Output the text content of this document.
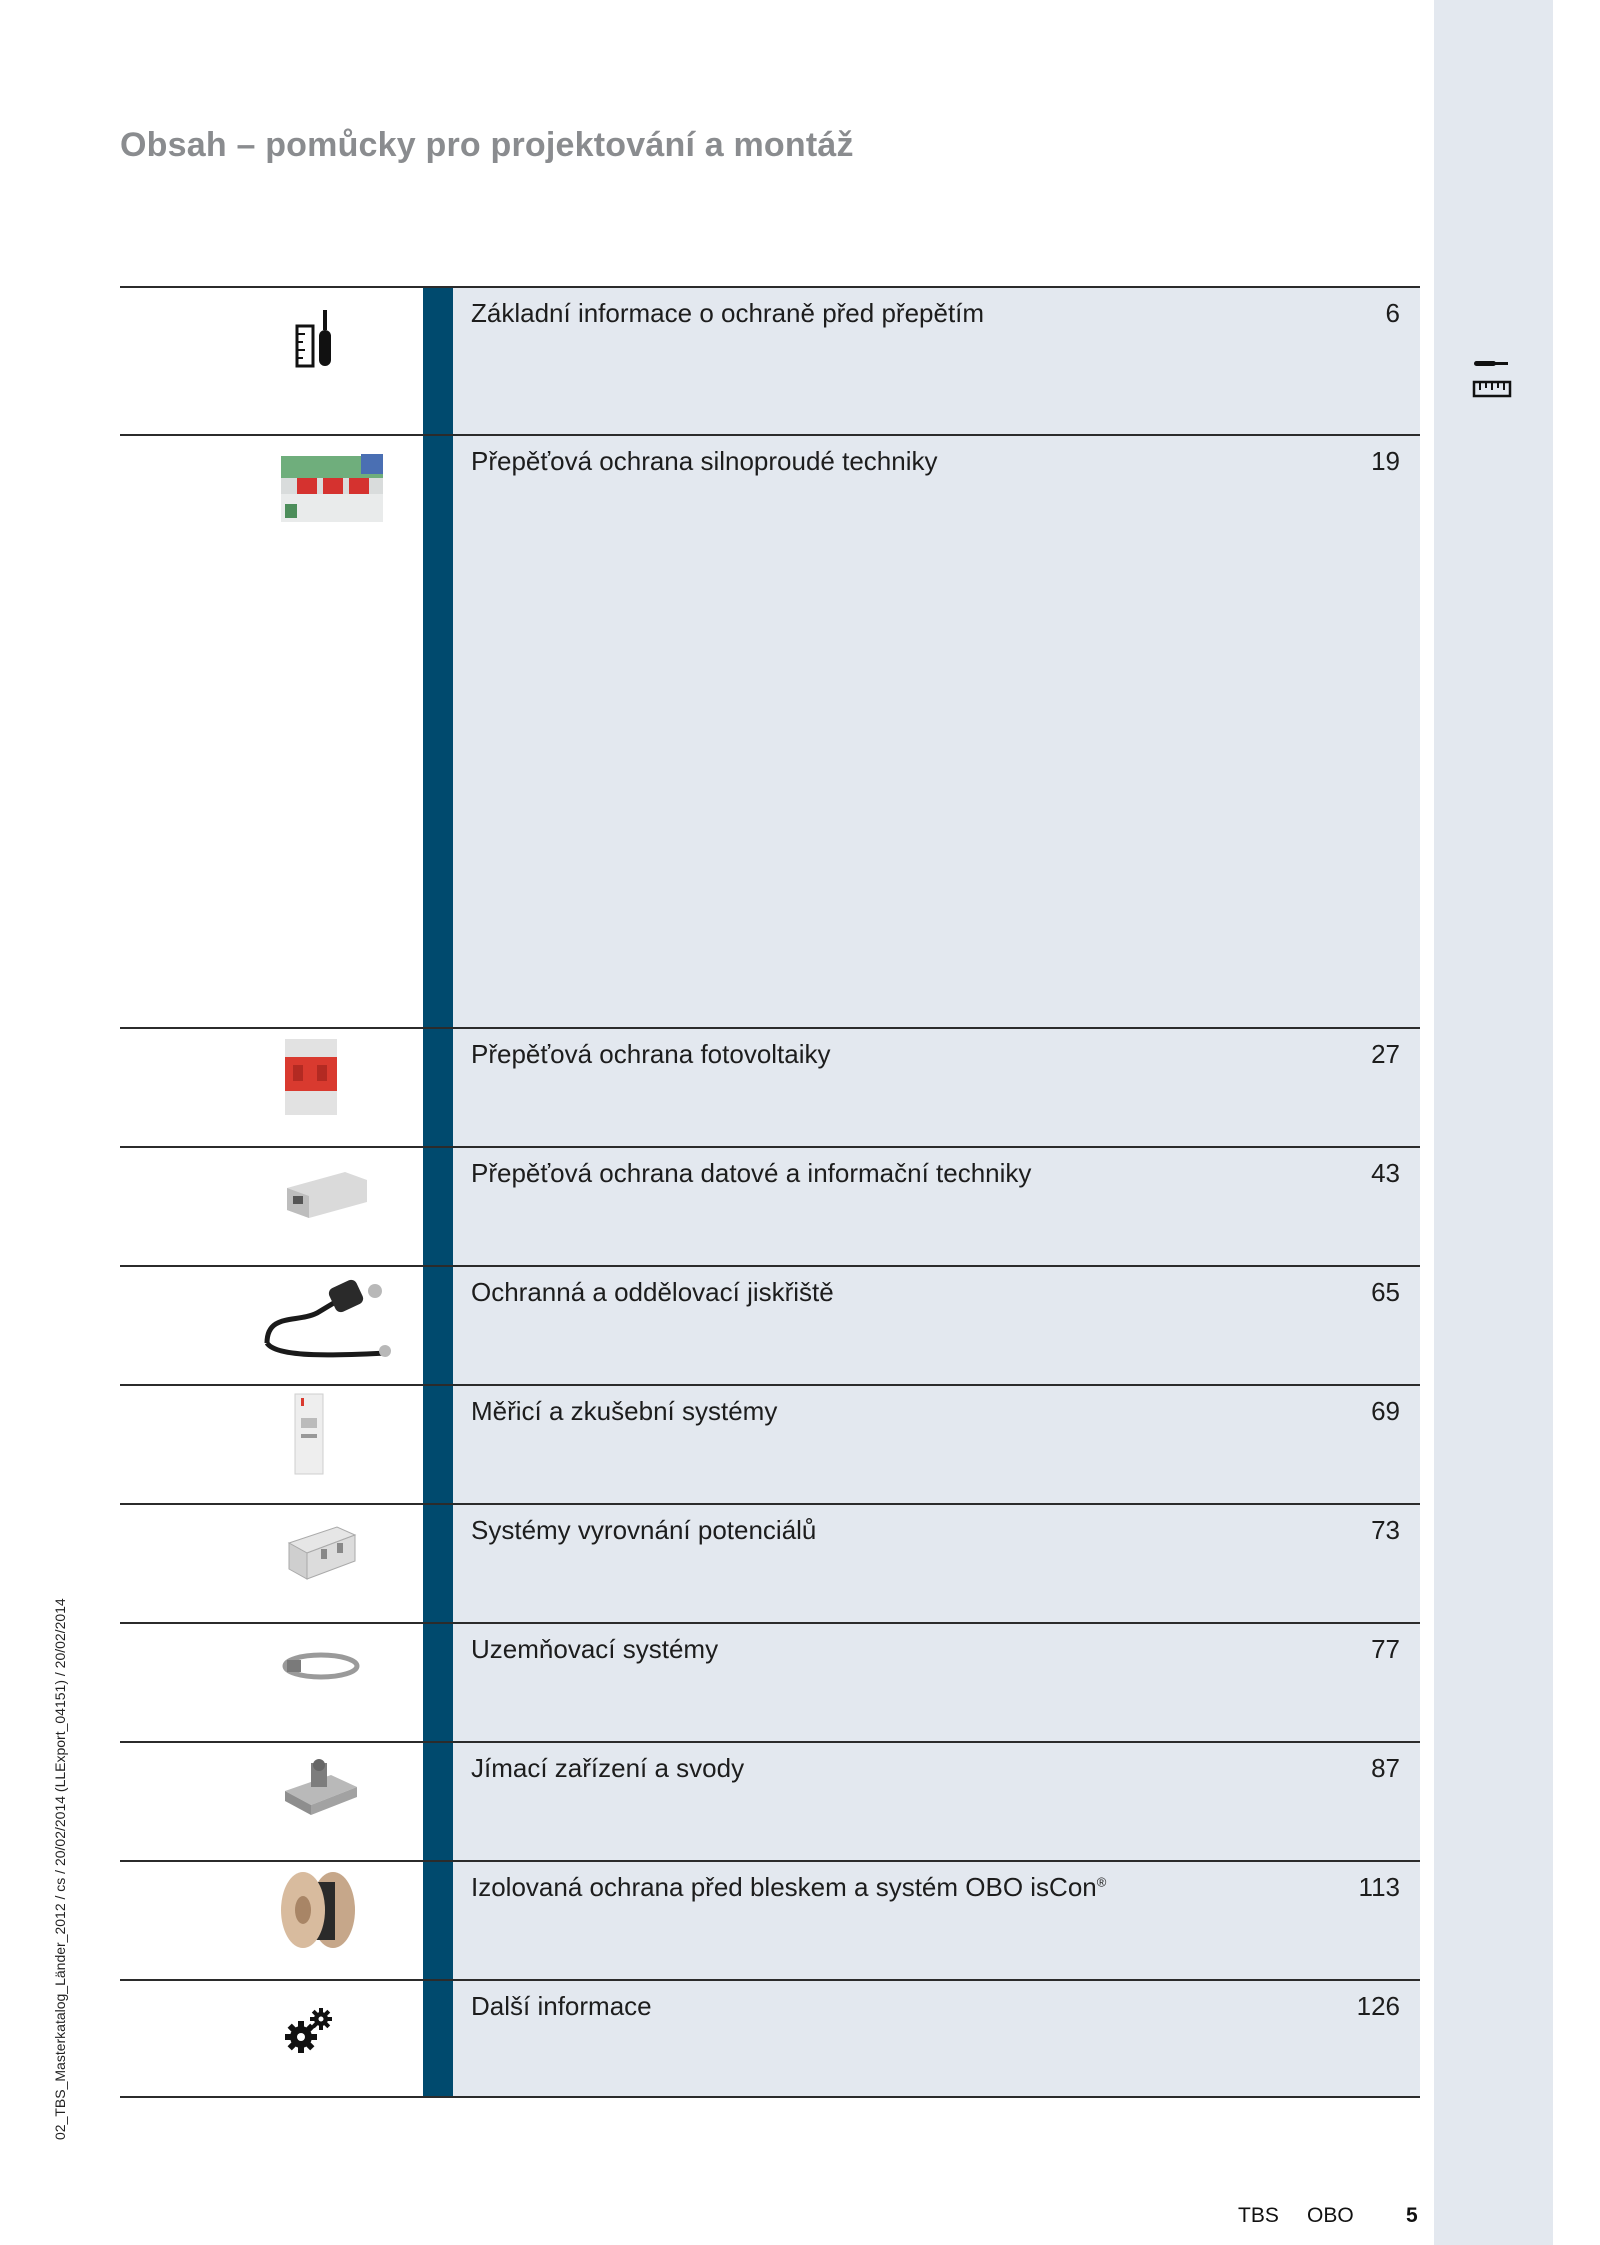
02_TBS_Masterkatalog_Länder_2012 / cs / 20/02/2014 (LLExport_04151) / 20/02/2014
Obsah – pomůcky pro projektování a montáž
Základní informace o ochraně před přepětím	6
Přepěťová ochrana silnoproudé techniky	19
Přepěťová ochrana fotovoltaiky	27
Přepěťová ochrana datové a informační techniky	43
Ochranná a oddělovací jiskřiště	65
Měřicí a zkušební systémy	69
Systémy vyrovnání potenciálů	73
Uzemňovací systémy	77
Jímací zařízení a svody	87
Izolovaná ochrana před bleskem a systém OBO isCon®	113
Další informace	126
TBS OBO 5
